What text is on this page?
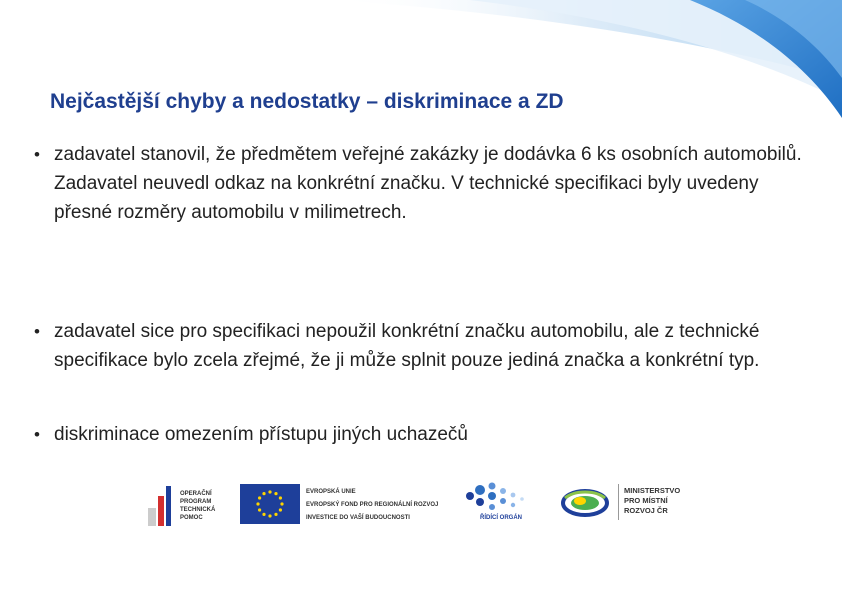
Nejčastější chyby a nedostatky – diskriminace a ZD
• zadavatel stanovil, že předmětem veřejné zakázky je dodávka 6 ks osobních automobilů. Zadavatel neuvedl odkaz na konkrétní značku. V technické specifikaci byly uvedeny přesné rozměry automobilu v milimetrech.
• zadavatel sice pro specifikaci nepoužil konkrétní značku automobilu, ale z technické specifikace bylo zcela zřejmé, že ji může splnit pouze jediná značka a konkrétní typ.
• diskriminace omezením přístupu jiných uchazečů
OPERAČNÍ
PROGRAM
TECHNICKÁ
POMOC
EVROPSKÁ UNIE
EVROPSKÝ FOND PRO REGIONÁLNÍ ROZVOJ
INVESTICE DO VAŠÍ BUDOUCNOSTI	ŘÍDÍCÍ ORGÁN
MINISTERSTVO
PRO MÍSTNÍ
ROZVOJ ČR
